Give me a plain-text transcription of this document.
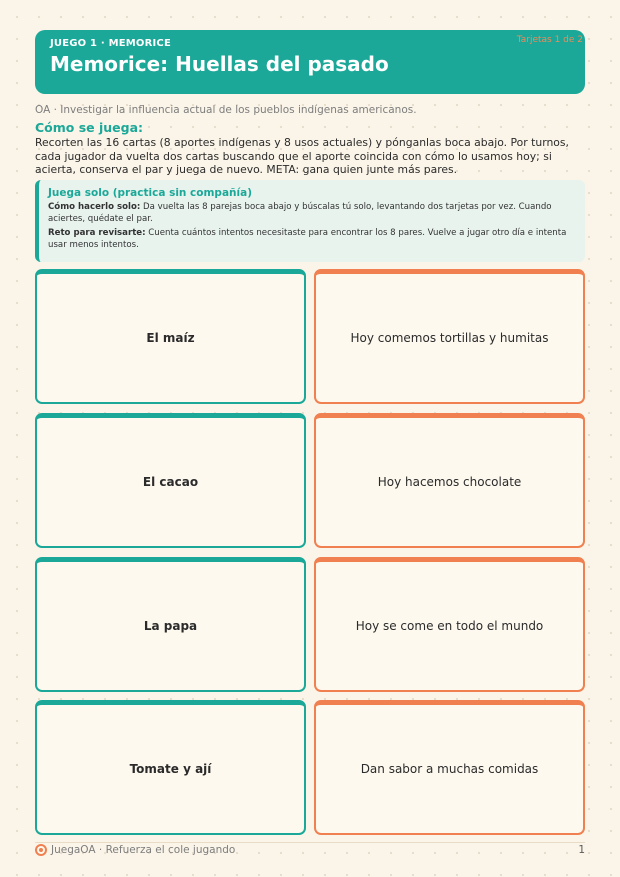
JUEGO 1 · MEMORICE
Memorice: Huellas del pasado
Tarjetas 1 de 2
OA · Investigar la influencia actual de los pueblos indígenas americanos.
Cómo se juega:
Recorten las 16 cartas (8 aportes indígenas y 8 usos actuales) y pónganlas boca abajo. Por turnos, cada jugador da vuelta dos cartas buscando que el aporte coincida con cómo lo usamos hoy; si acierta, conserva el par y juega de nuevo. META: gana quien junte más pares.
Juega solo (practica sin compañía)

Cómo hacerlo solo: Da vuelta las 8 parejas boca abajo y búscalas tú solo, levantando dos tarjetas por vez. Cuando aciertes, quédate el par.

Reto para revisarte: Cuenta cuántos intentos necesitaste para encontrar los 8 pares. Vuelve a jugar otro día e intenta usar menos intentos.

El maíz	Hoy comemos tortillas y humitas
El cacao	Hoy hacemos chocolate
La papa	Hoy se come en todo el mundo
Tomate y ají	Dan sabor a muchas comidas
JuegaOA · Refuerza el cole jugando	1
